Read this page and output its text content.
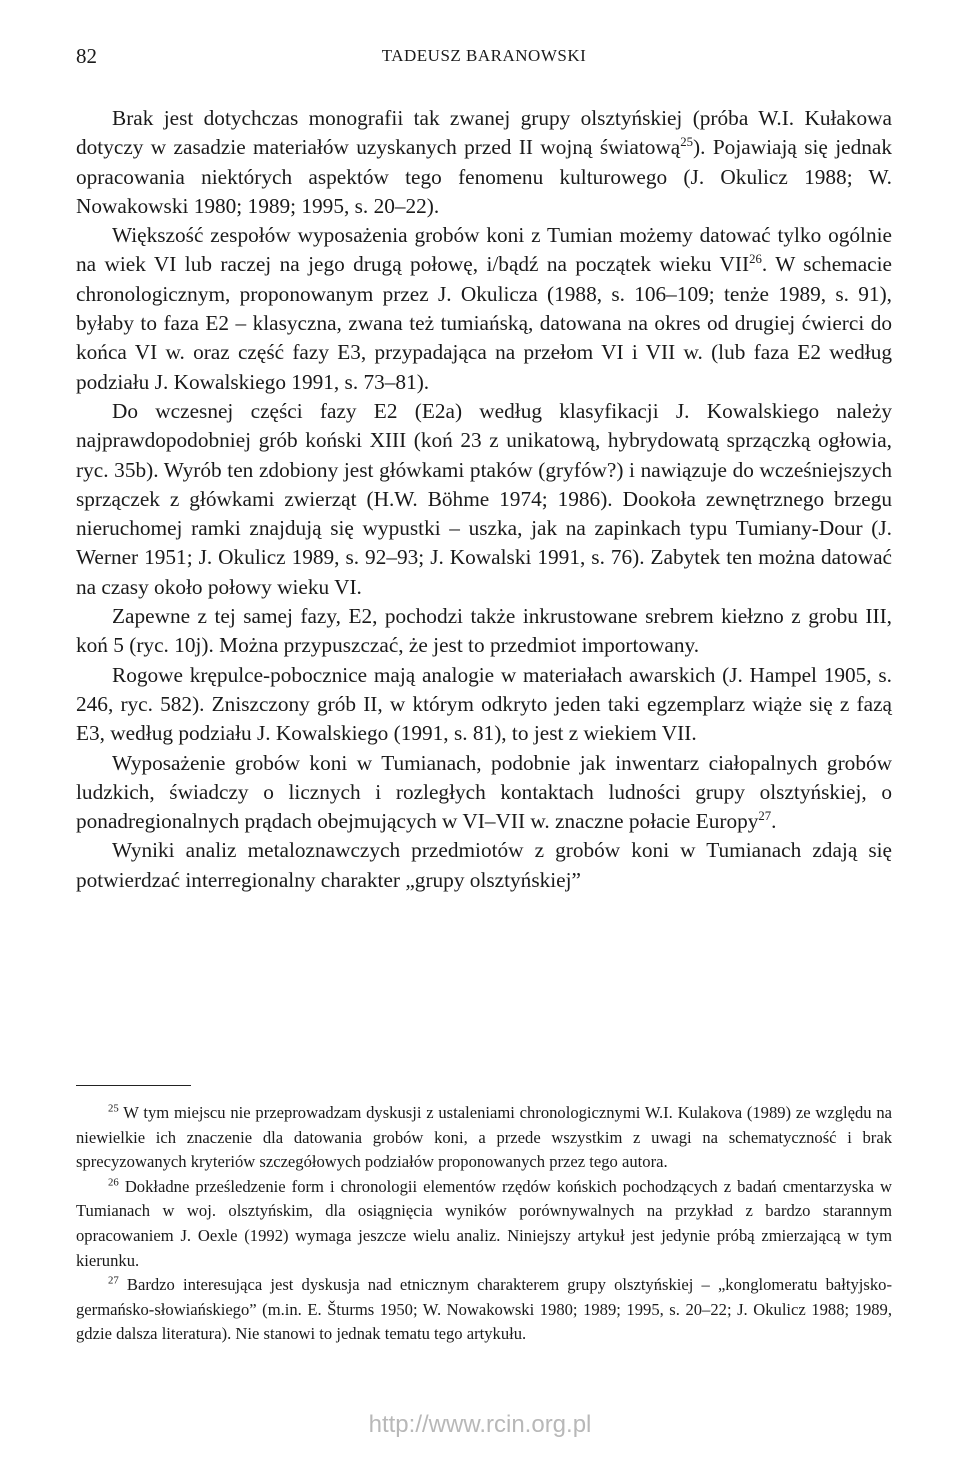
82	TADEUSZ BARANOWSKI

Brak jest dotychczas monografii tak zwanej grupy olsztyńskiej (próba W.I. Kułakowa dotyczy w zasadzie materiałów uzyskanych przed II wojną światową$^{25}$). Pojawiają się jednak opracowania niektórych aspektów tego fenomenu kulturowego (J. Okulicz 1988; W. Nowakowski 1980; 1989; 1995, s. 20–22).

Większość zespołów wyposażenia grobów koni z Tumian możemy datować tylko ogólnie na wiek VI lub raczej na jego drugą połowę, i/bądź na początek wieku VII$^{26}$. W schemacie chronologicznym, proponowanym przez J. Okulicza (1988, s. 106–109; tenże 1989, s. 91), byłaby to faza E2 – klasyczna, zwana też tumiańską, datowana na okres od drugiej ćwierci do końca VI w. oraz część fazy E3, przypadająca na przełom VI i VII w. (lub faza E2 według podziału J. Kowalskiego 1991, s. 73–81).

Do wczesnej części fazy E2 (E2a) według klasyfikacji J. Kowalskiego należy najprawdopodobniej grób koński XIII (koń 23 z unikatową, hybrydowatą sprzączką ogłowia, ryc. 35b). Wyrób ten zdobiony jest główkami ptaków (gryfów?) i nawiązuje do wcześniejszych sprzączek z główkami zwierząt (H.W. Böhme 1974; 1986). Dookoła zewnętrznego brzegu nieruchomej ramki znajdują się wypustki – uszka, jak na zapinkach typu Tumiany-Dour (J. Werner 1951; J. Okulicz 1989, s. 92–93; J. Kowalski 1991, s. 76). Zabytek ten można datować na czasy około połowy wieku VI.

Zapewne z tej samej fazy, E2, pochodzi także inkrustowane srebrem kiełzno z grobu III, koń 5 (ryc. 10j). Można przypuszczać, że jest to przedmiot importowany.

Rogowe krępulce-pobocznice mają analogie w materiałach awarskich (J. Hampel 1905, s. 246, ryc. 582). Zniszczony grób II, w którym odkryto jeden taki egzemplarz wiąże się z fazą E3, według podziału J. Kowalskiego (1991, s. 81), to jest z wiekiem VII.

Wyposażenie grobów koni w Tumianach, podobnie jak inwentarz ciałopalnych grobów ludzkich, świadczy o licznych i rozległych kontaktach ludności grupy olsztyńskiej, o ponadregionalnych prądach obejmujących w VI–VII w. znaczne połacie Europy$^{27}$.

Wyniki analiz metaloznawczych przedmiotów z grobów koni w Tumianach zdają się potwierdzać interregionalny charakter „grupy olsztyńskiej”

$^{25}$ W tym miejscu nie przeprowadzam dyskusji z ustaleniami chronologicznymi W.I. Kulakova (1989) ze względu na niewielkie ich znaczenie dla datowania grobów koni, a przede wszystkim z uwagi na schematyczność i brak sprecyzowanych kryteriów szczegółowych podziałów proponowanych przez tego autora.

$^{26}$ Dokładne prześledzenie form i chronologii elementów rzędów końskich pochodzących z badań cmentarzyska w Tumianach w woj. olsztyńskim, dla osiągnięcia wyników porównywalnych na przykład z bardzo starannym opracowaniem J. Oexle (1992) wymaga jeszcze wielu analiz. Niniejszy artykuł jest jedynie próbą zmierzającą w tym kierunku.

$^{27}$ Bardzo interesująca jest dyskusja nad etnicznym charakterem grupy olsztyńskiej – „konglomeratu bałtyjsko-germańsko-słowiańskiego” (m.in. E. Šturms 1950; W. Nowakowski 1980; 1989; 1995, s. 20–22; J. Okulicz 1988; 1989, gdzie dalsza literatura). Nie stanowi to jednak tematu tego artykułu.

http://www.rcin.org.pl
